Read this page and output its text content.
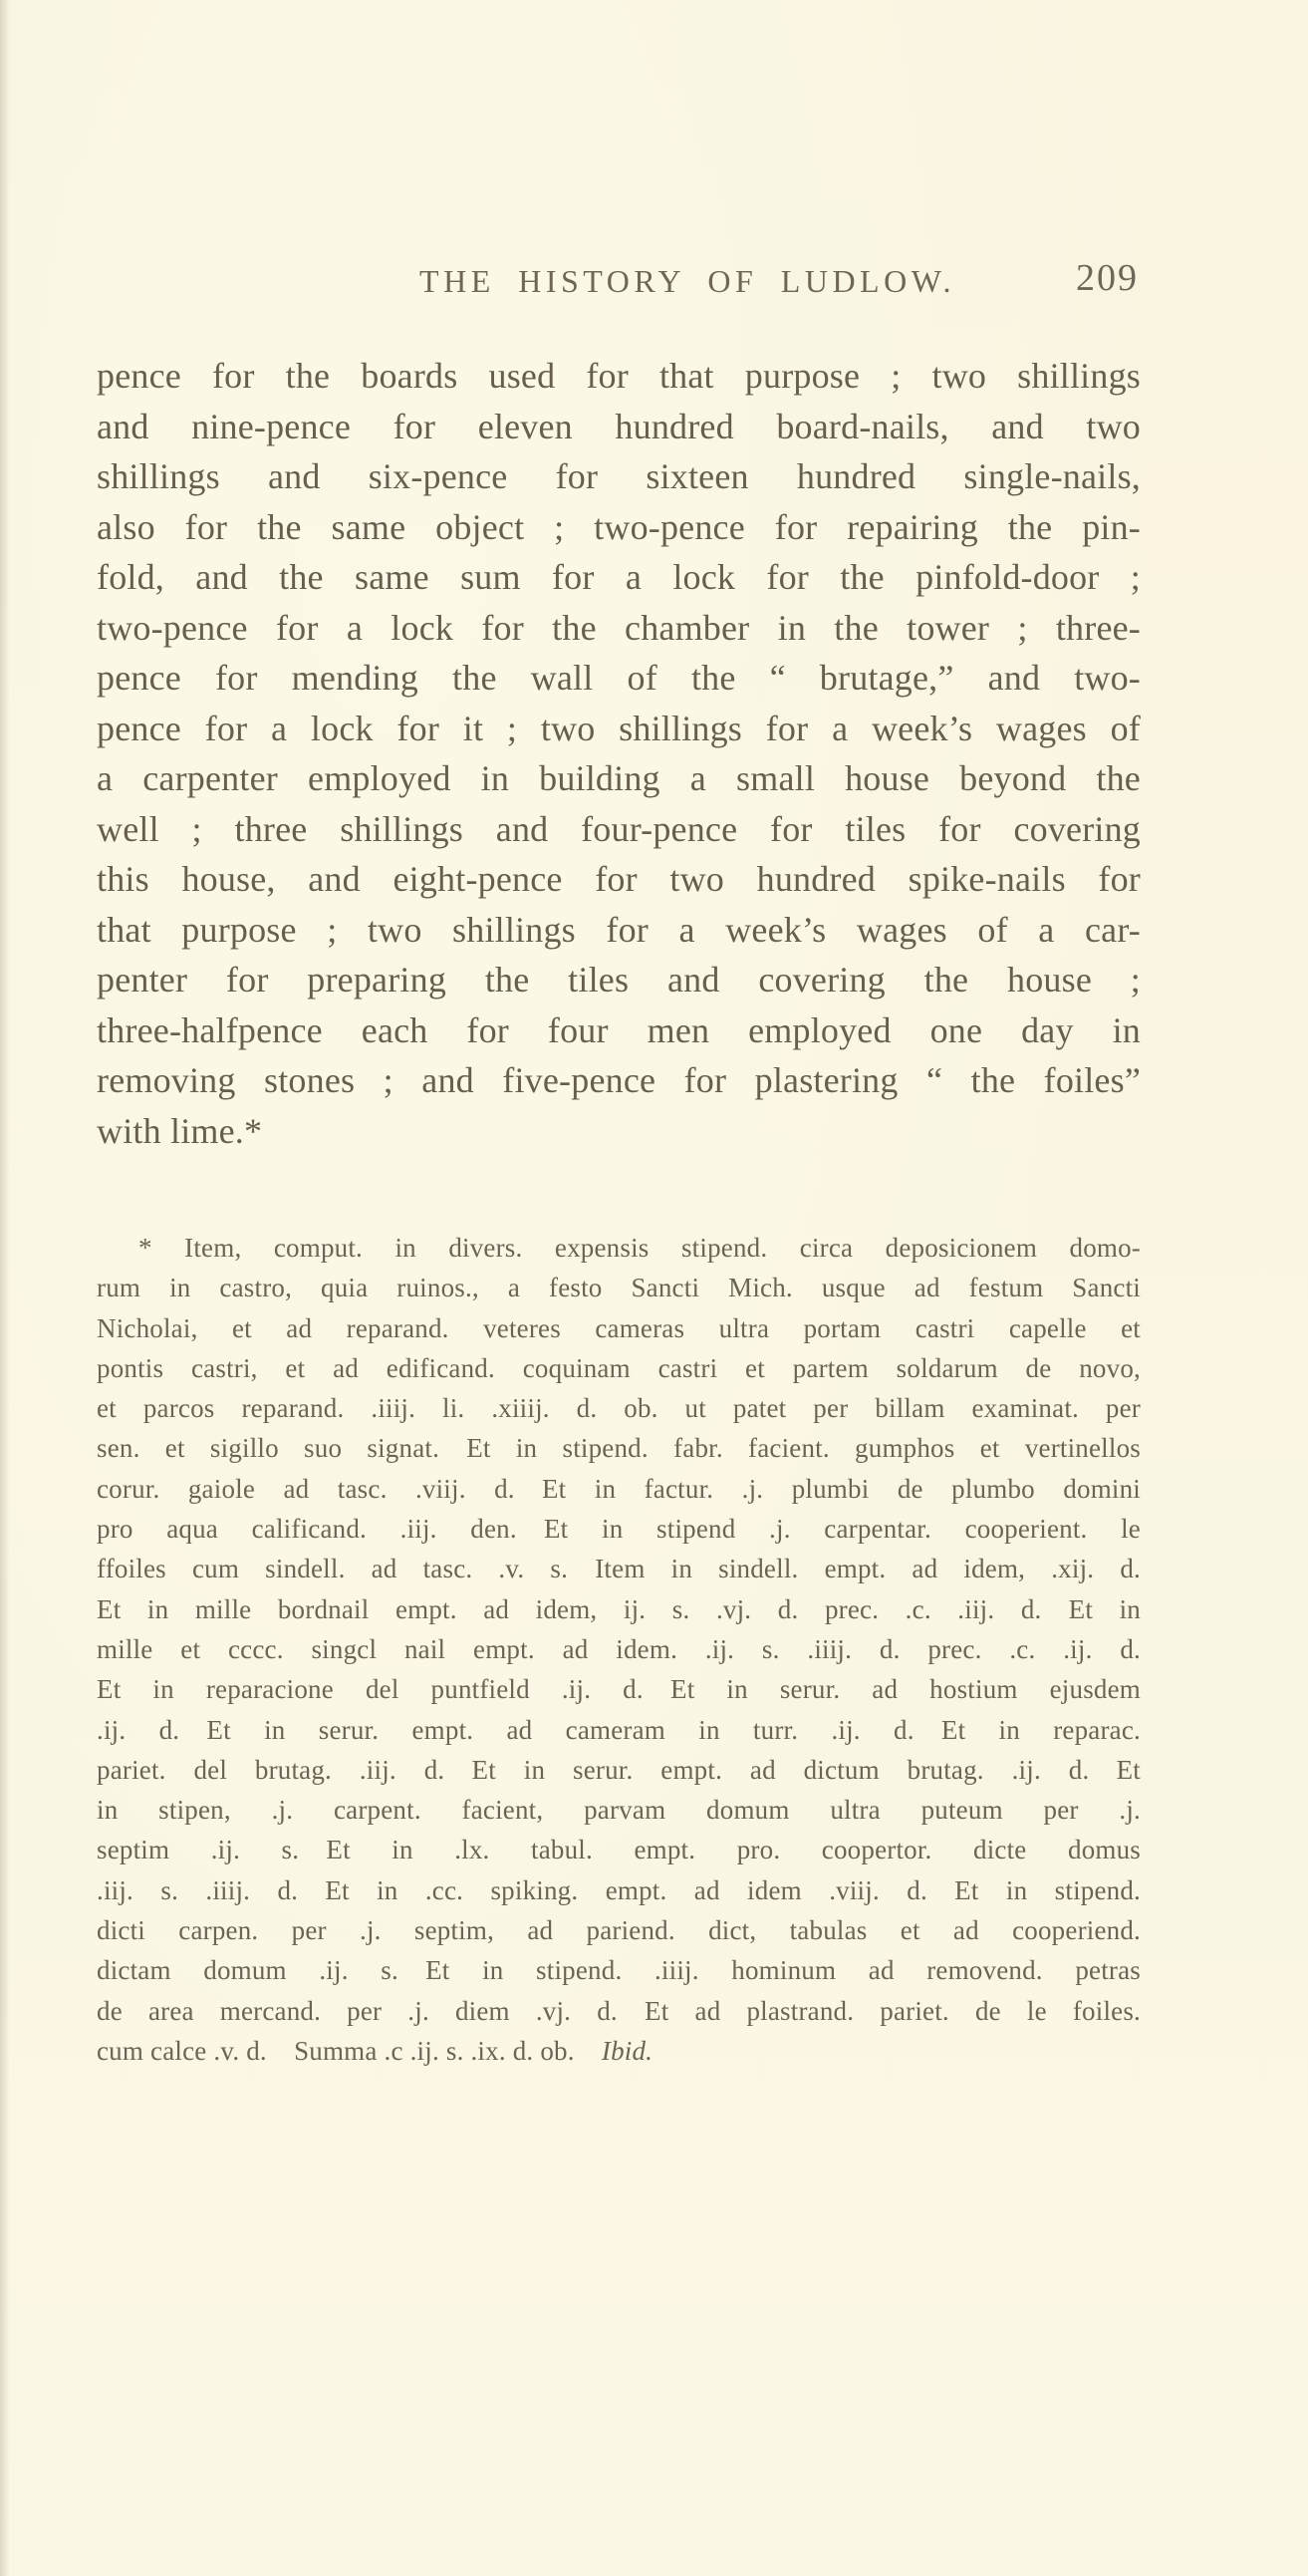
THE HISTORY OF LUDLOW.	209
pence for the boards used for that purpose ; two shillings
and nine-pence for eleven hundred board-nails, and two
shillings and six-pence for sixteen hundred single-nails,
also for the same object ; two-pence for repairing the pin-
fold, and the same sum for a lock for the pinfold-door ;
two-pence for a lock for the chamber in the tower ; three-
pence for mending the wall of the “ brutage,” and two-
pence for a lock for it ; two shillings for a week’s wages of
a carpenter employed in building a small house beyond the
well ; three shillings and four-pence for tiles for covering
this house, and eight-pence for two hundred spike-nails for
that purpose ; two shillings for a week’s wages of a car-
penter for preparing the tiles and covering the house ;
three-halfpence each for four men employed one day in
removing stones ; and five-pence for plastering “ the foiles”
with lime.*
* Item, comput. in divers. expensis stipend. circa deposicionem domo-
rum in castro, quia ruinos., a festo Sancti Mich. usque ad festum Sancti
Nicholai, et ad reparand. veteres cameras ultra portam castri capelle et
pontis castri, et ad edificand. coquinam castri et partem soldarum de novo,
et parcos reparand. .iiij. li. .xiiij. d. ob. ut patet per billam examinat. per
sen. et sigillo suo signat. Et in stipend. fabr. facient. gumphos et vertinellos
corur. gaiole ad tasc. .viij. d. Et in factur. .j. plumbi de plumbo domini
pro aqua calificand. .iij. den. Et in stipend .j. carpentar. cooperient. le
ffoiles cum sindell. ad tasc. .v. s. Item in sindell. empt. ad idem, .xij. d.
Et in mille bordnail empt. ad idem, ij. s. .vj. d. prec. .c. .iij. d. Et in
mille et cccc. singcl nail empt. ad idem. .ij. s. .iiij. d. prec. .c. .ij. d.
Et in reparacione del puntfield .ij. d. Et in serur. ad hostium ejusdem
.ij. d. Et in serur. empt. ad cameram in turr. .ij. d. Et in reparac.
pariet. del brutag. .iij. d. Et in serur. empt. ad dictum brutag. .ij. d. Et
in stipen, .j. carpent. facient, parvam domum ultra puteum per .j.
septim .ij. s. Et in .lx. tabul. empt. pro. coopertor. dicte domus
.iij. s. .iiij. d. Et in .cc. spiking. empt. ad idem .viij. d. Et in stipend.
dicti carpen. per .j. septim, ad pariend. dict, tabulas et ad cooperiend.
dictam domum .ij. s. Et in stipend. .iiij. hominum ad removend. petras
de area mercand. per .j. diem .vj. d. Et ad plastrand. pariet. de le foiles.
cum calce .v. d. Summa .c .ij. s. .ix. d. ob. Ibid.
